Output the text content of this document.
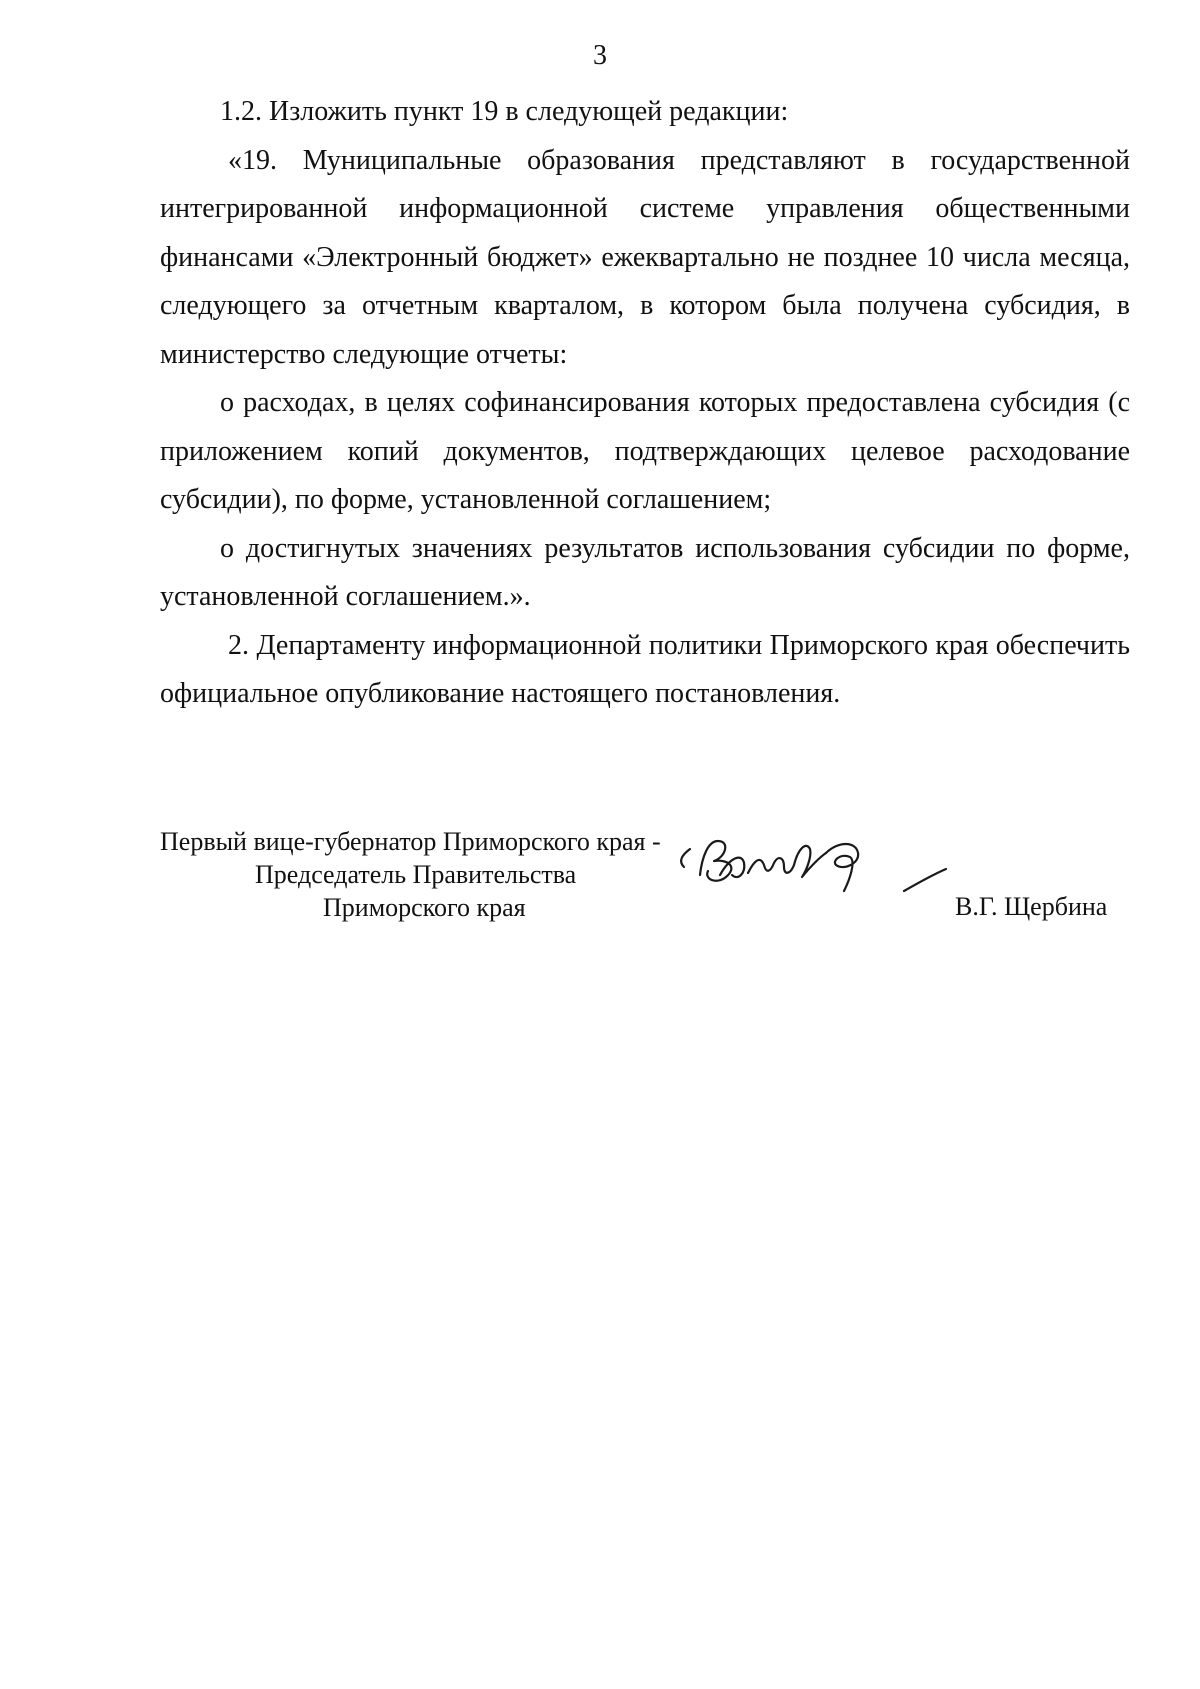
3

1.2. Изложить пункт 19 в следующей редакции:

«19. Муниципальные образования представляют в государственной интегрированной информационной системе управления общественными финансами «Электронный бюджет» ежеквартально не позднее 10 числа месяца, следующего за отчетным кварталом, в котором была получена субсидия, в министерство следующие отчеты:

о расходах, в целях софинансирования которых предоставлена субсидия (с приложением копий документов, подтверждающих целевое расходование субсидии), по форме, установленной соглашением;

о достигнутых значениях результатов использования субсидии по форме, установленной соглашением.».

2. Департаменту информационной политики Приморского края обеспечить официальное опубликование настоящего постановления.

Первый вице-губернатор Приморского края -
Председатель Правительства
Приморского края	В.Г. Щербина
